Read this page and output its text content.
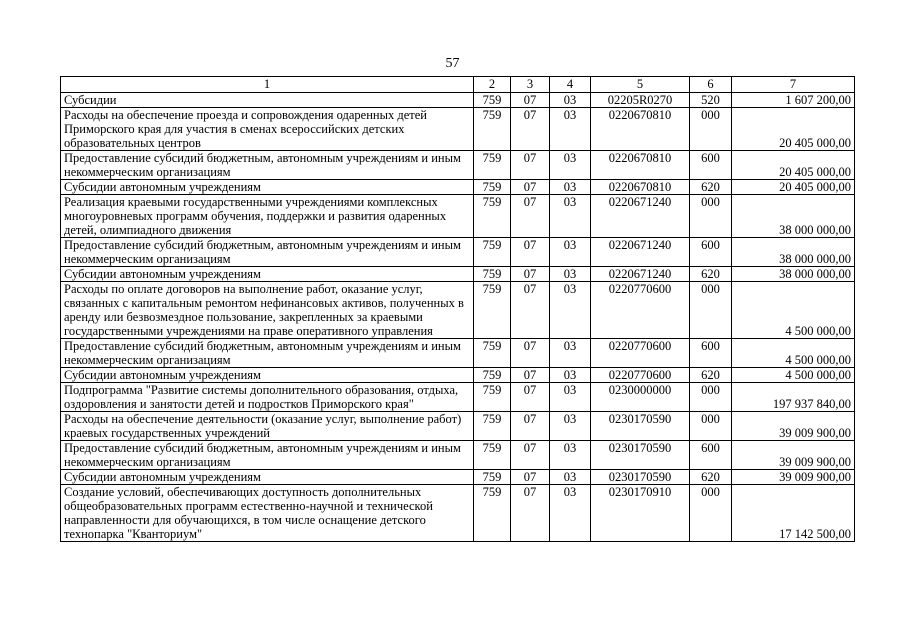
57
1	2	3	4	5	6	7
Субсидии	759	07	03	02205R0270	520	1 607 200,00
Расходы на обеспечение проезда и сопровождения одаренных детей Приморского края для участия в сменах всероссийских детских образовательных центров	759	07	03	0220670810	000	20 405 000,00
Предоставление субсидий бюджетным, автономным учреждениям и иным некоммерческим организациям	759	07	03	0220670810	600	20 405 000,00
Субсидии автономным учреждениям	759	07	03	0220670810	620	20 405 000,00
Реализация краевыми государственными учреждениями комплексных многоуровневых программ обучения, поддержки и развития одаренных детей, олимпиадного движения	759	07	03	0220671240	000	38 000 000,00
Предоставление субсидий бюджетным, автономным учреждениям и иным некоммерческим организациям	759	07	03	0220671240	600	38 000 000,00
Субсидии автономным учреждениям	759	07	03	0220671240	620	38 000 000,00
Расходы по оплате договоров на выполнение работ, оказание услуг, связанных с капитальным ремонтом нефинансовых активов, полученных в аренду или безвозмездное пользование, закрепленных за краевыми государственными учреждениями на праве оперативного управления	759	07	03	0220770600	000	4 500 000,00
Предоставление субсидий бюджетным, автономным учреждениям и иным некоммерческим организациям	759	07	03	0220770600	600	4 500 000,00
Субсидии автономным учреждениям	759	07	03	0220770600	620	4 500 000,00
Подпрограмма "Развитие системы дополнительного образования, отдыха, оздоровления и занятости детей и подростков Приморского края"	759	07	03	0230000000	000	197 937 840,00
Расходы на обеспечение деятельности (оказание услуг, выполнение работ) краевых государственных учреждений	759	07	03	0230170590	000	39 009 900,00
Предоставление субсидий бюджетным, автономным учреждениям и иным некоммерческим организациям	759	07	03	0230170590	600	39 009 900,00
Субсидии автономным учреждениям	759	07	03	0230170590	620	39 009 900,00
Создание условий, обеспечивающих доступность дополнительных общеобразовательных программ естественно-научной и технической направленности для обучающихся, в том числе оснащение детского технопарка "Кванториум"	759	07	03	0230170910	000	17 142 500,00
